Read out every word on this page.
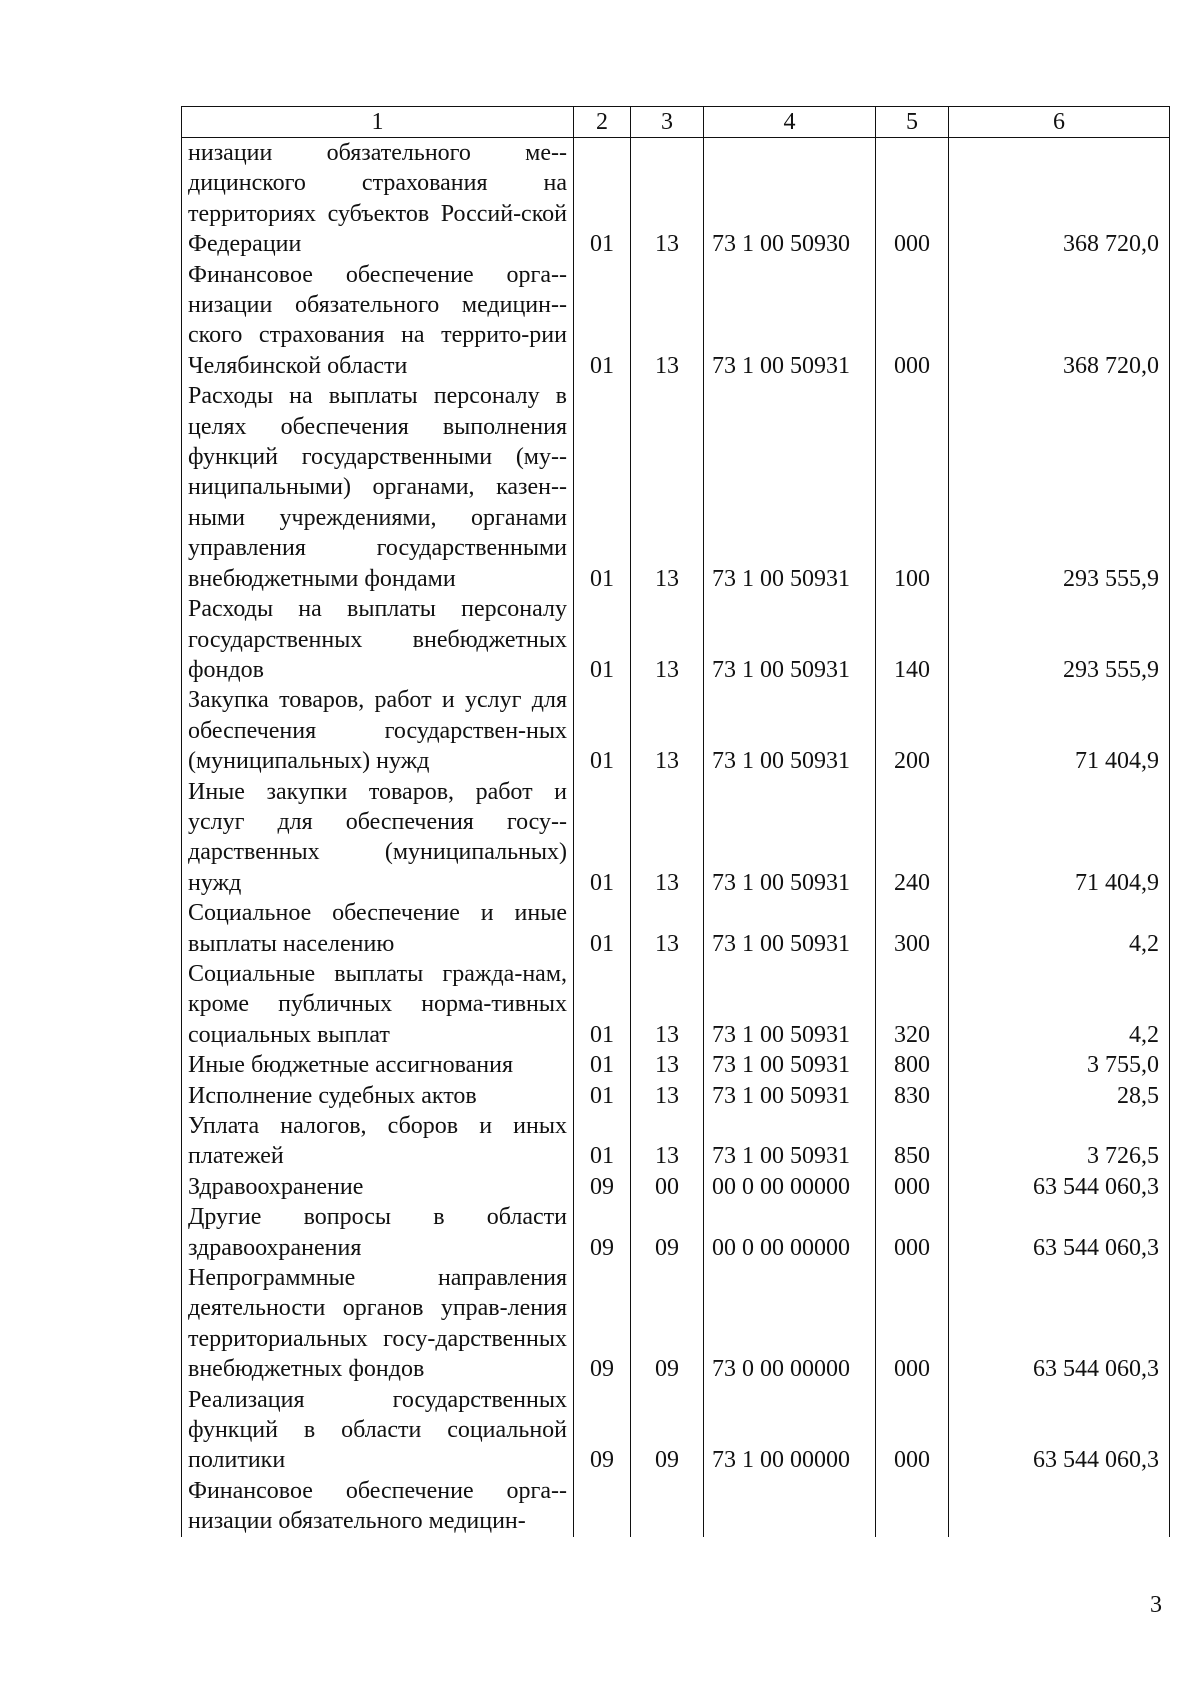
1	2	3	4	5	6
низации обязательного ме-дицинского страхования на территориях субъектов Россий-ской Федерации	01	13	73 1 00 50930	000	368 720,0
Финансовое обеспечение орга-низации обязательного медицин-ского страхования на террито-рии Челябинской области	01	13	73 1 00 50931	000	368 720,0
Расходы на выплаты персоналу в целях обеспечения выполнения функций государственными (му-ниципальными) органами, казен-ными учреждениями, органами управления государственными внебюджетными фондами	01	13	73 1 00 50931	100	293 555,9
Расходы на выплаты персоналу государственных внебюджетных фондов	01	13	73 1 00 50931	140	293 555,9
Закупка товаров, работ и услуг для обеспечения государствен-ных (муниципальных) нужд	01	13	73 1 00 50931	200	71 404,9
Иные закупки товаров, работ и услуг для обеспечения госу-дарственных (муниципальных) нужд	01	13	73 1 00 50931	240	71 404,9
Социальное обеспечение и иные выплаты населению	01	13	73 1 00 50931	300	4,2
Социальные выплаты гражда-нам, кроме публичных норма-тивных социальных выплат	01	13	73 1 00 50931	320	4,2
Иные бюджетные ассигнования	01	13	73 1 00 50931	800	3 755,0
Исполнение судебных актов	01	13	73 1 00 50931	830	28,5
Уплата налогов, сборов и иных платежей	01	13	73 1 00 50931	850	3 726,5
Здравоохранение	09	00	00 0 00 00000	000	63 544 060,3
Другие вопросы в области здравоохранения	09	09	00 0 00 00000	000	63 544 060,3
Непрограммные направления деятельности органов управ-ления территориальных госу-дарственных внебюджетных фондов	09	09	73 0 00 00000	000	63 544 060,3
Реализация государственных функций в области социальной политики	09	09	73 1 00 00000	000	63 544 060,3
Финансовое обеспечение орга-низации обязательного медицин-					
3
